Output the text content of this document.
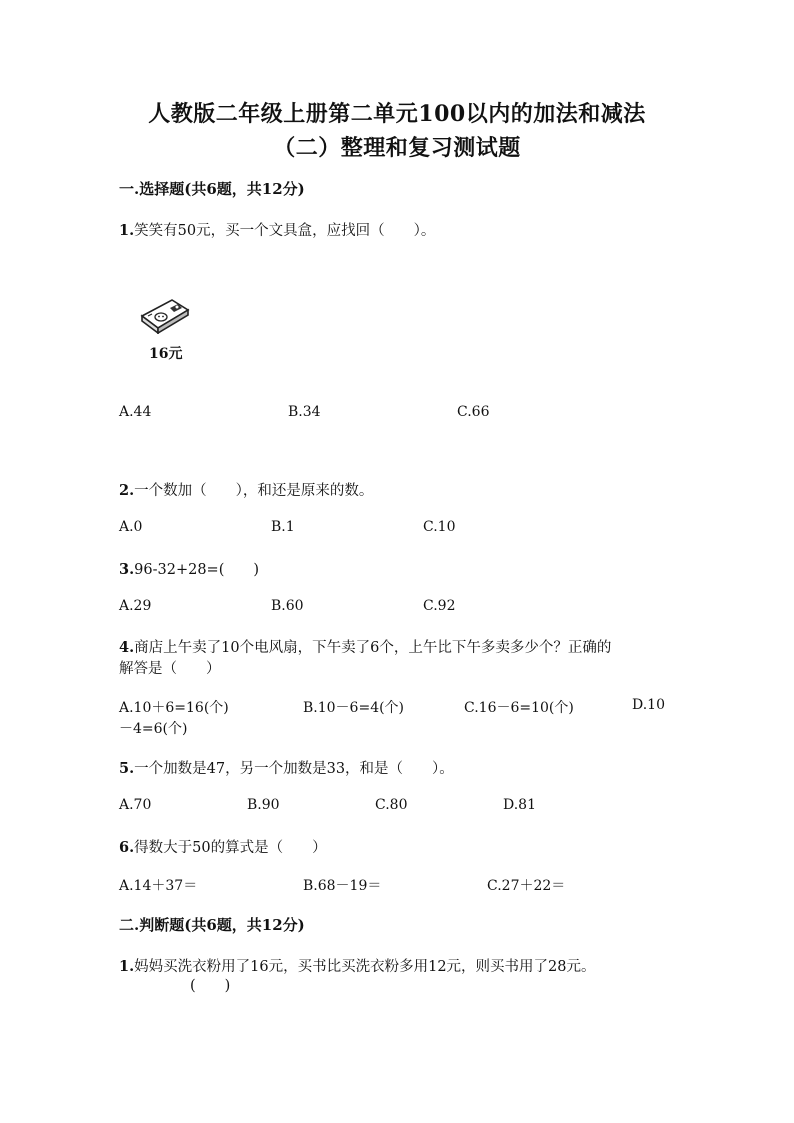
人教版二年级上册第二单元100以内的加法和减法
（二）整理和复习测试题
一.选择题(共6题，共12分)
1.笑笑有50元，买一个文具盒，应找回（　　）。
16元
A.44	B.34	C.66
2.一个数加（　　），和还是原来的数。
A.0	B.1	C.10
3.96-32+28=(　　)
A.29	B.60	C.92
4.商店上午卖了10个电风扇，下午卖了6个，上午比下午多卖多少个？正确的
解答是（　　）
A.10＋6=16(个)	B.10－6=4(个)	C.16－6=10(个)	D.10
－4=6(个)
5.一个加数是47，另一个加数是33，和是（　　）。
A.70	B.90	C.80	D.81
6.得数大于50的算式是（　　）
A.14＋37＝	B.68－19＝	C.27＋22＝
二.判断题(共6题，共12分)
1.妈妈买洗衣粉用了16元，买书比买洗衣粉多用12元，则买书用了28元。
(　　)
